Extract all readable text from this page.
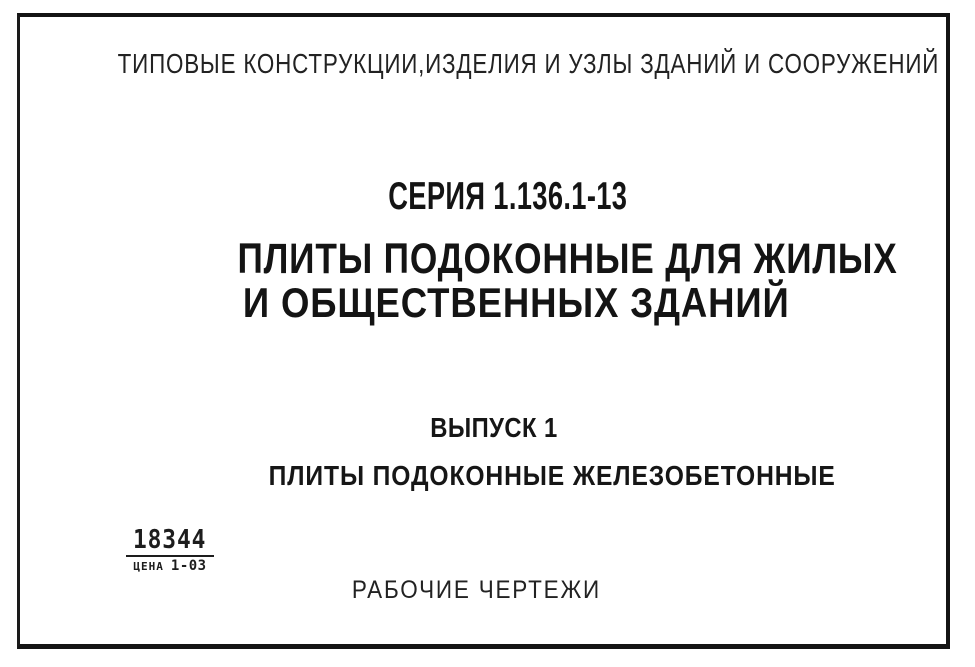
ТИПОВЫЕ КОНСТРУКЦИИ,ИЗДЕЛИЯ И УЗЛЫ ЗДАНИЙ И СООРУЖЕНИЙ
СЕРИЯ 1.136.1-13
ПЛИТЫ ПОДОКОННЫЕ ДЛЯ ЖИЛЫХ
И ОБЩЕСТВЕННЫХ ЗДАНИЙ
ВЫПУСК 1
ПЛИТЫ ПОДОКОННЫЕ ЖЕЛЕЗОБЕТОННЫЕ
18344
ЦЕНА 1-03
РАБОЧИЕ ЧЕРТЕЖИ
